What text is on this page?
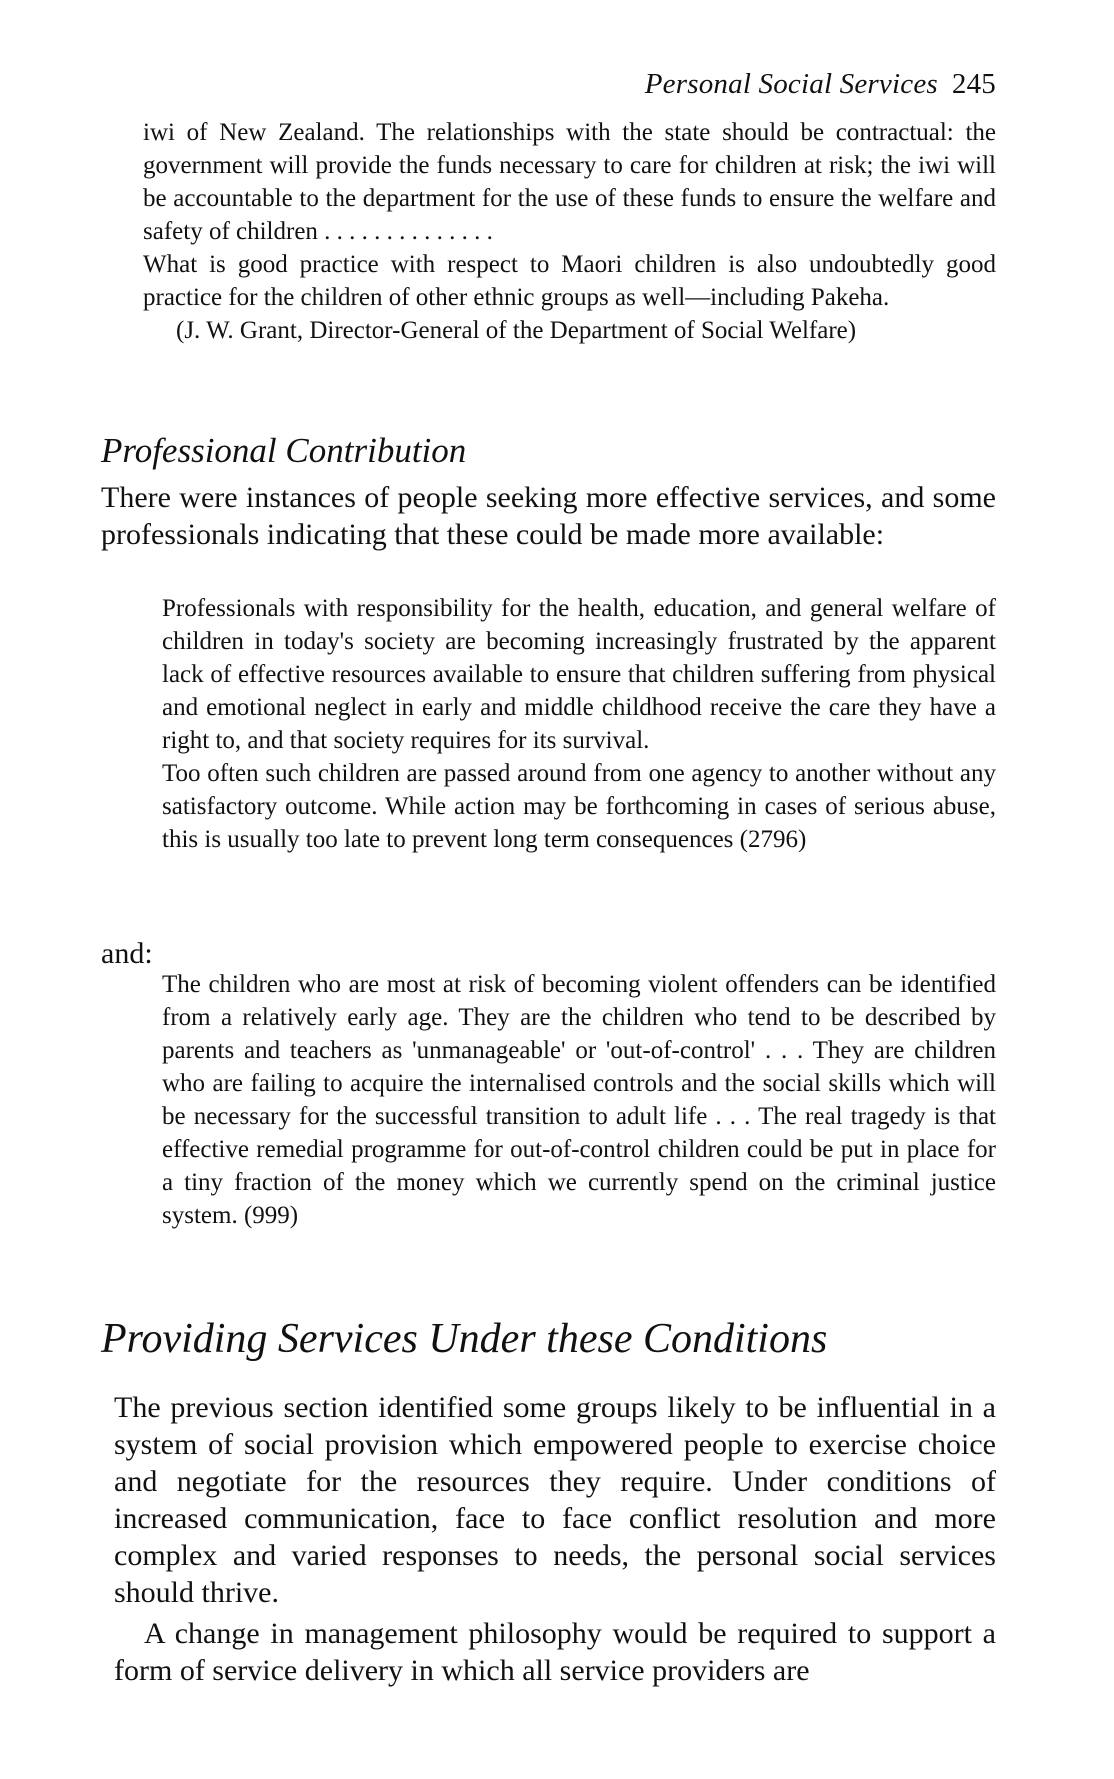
Personal Social Services 245

iwi of New Zealand. The relationships with the state should be contractual: the government will provide the funds necessary to care for children at risk; the iwi will be accountable to the department for the use of these funds to ensure the welfare and safety of children . . . . . . . . . . . . . .

What is good practice with respect to Maori children is also undoubtedly good practice for the children of other ethnic groups as well—including Pakeha.

(J. W. Grant, Director-General of the Department of Social Welfare)

Professional Contribution

There were instances of people seeking more effective services, and some professionals indicating that these could be made more available:

Professionals with responsibility for the health, education, and general welfare of children in today's society are becoming increasingly frustrated by the apparent lack of effective resources available to ensure that children suffering from physical and emotional neglect in early and middle childhood receive the care they have a right to, and that society requires for its survival.

Too often such children are passed around from one agency to another without any satisfactory outcome. While action may be forthcoming in cases of serious abuse, this is usually too late to prevent long term consequences (2796)

and:

The children who are most at risk of becoming violent offenders can be identified from a relatively early age. They are the children who tend to be described by parents and teachers as 'unmanageable' or 'out-of-control' . . . They are children who are failing to acquire the internalised controls and the social skills which will be necessary for the successful transition to adult life . . . The real tragedy is that effective remedial programme for out-of-control children could be put in place for a tiny fraction of the money which we currently spend on the criminal justice system. (999)

Providing Services Under these Conditions

The previous section identified some groups likely to be influential in a system of social provision which empowered people to exercise choice and negotiate for the resources they require. Under conditions of increased communication, face to face conflict resolution and more complex and varied responses to needs, the personal social services should thrive.

A change in management philosophy would be required to support a form of service delivery in which all service providers are
